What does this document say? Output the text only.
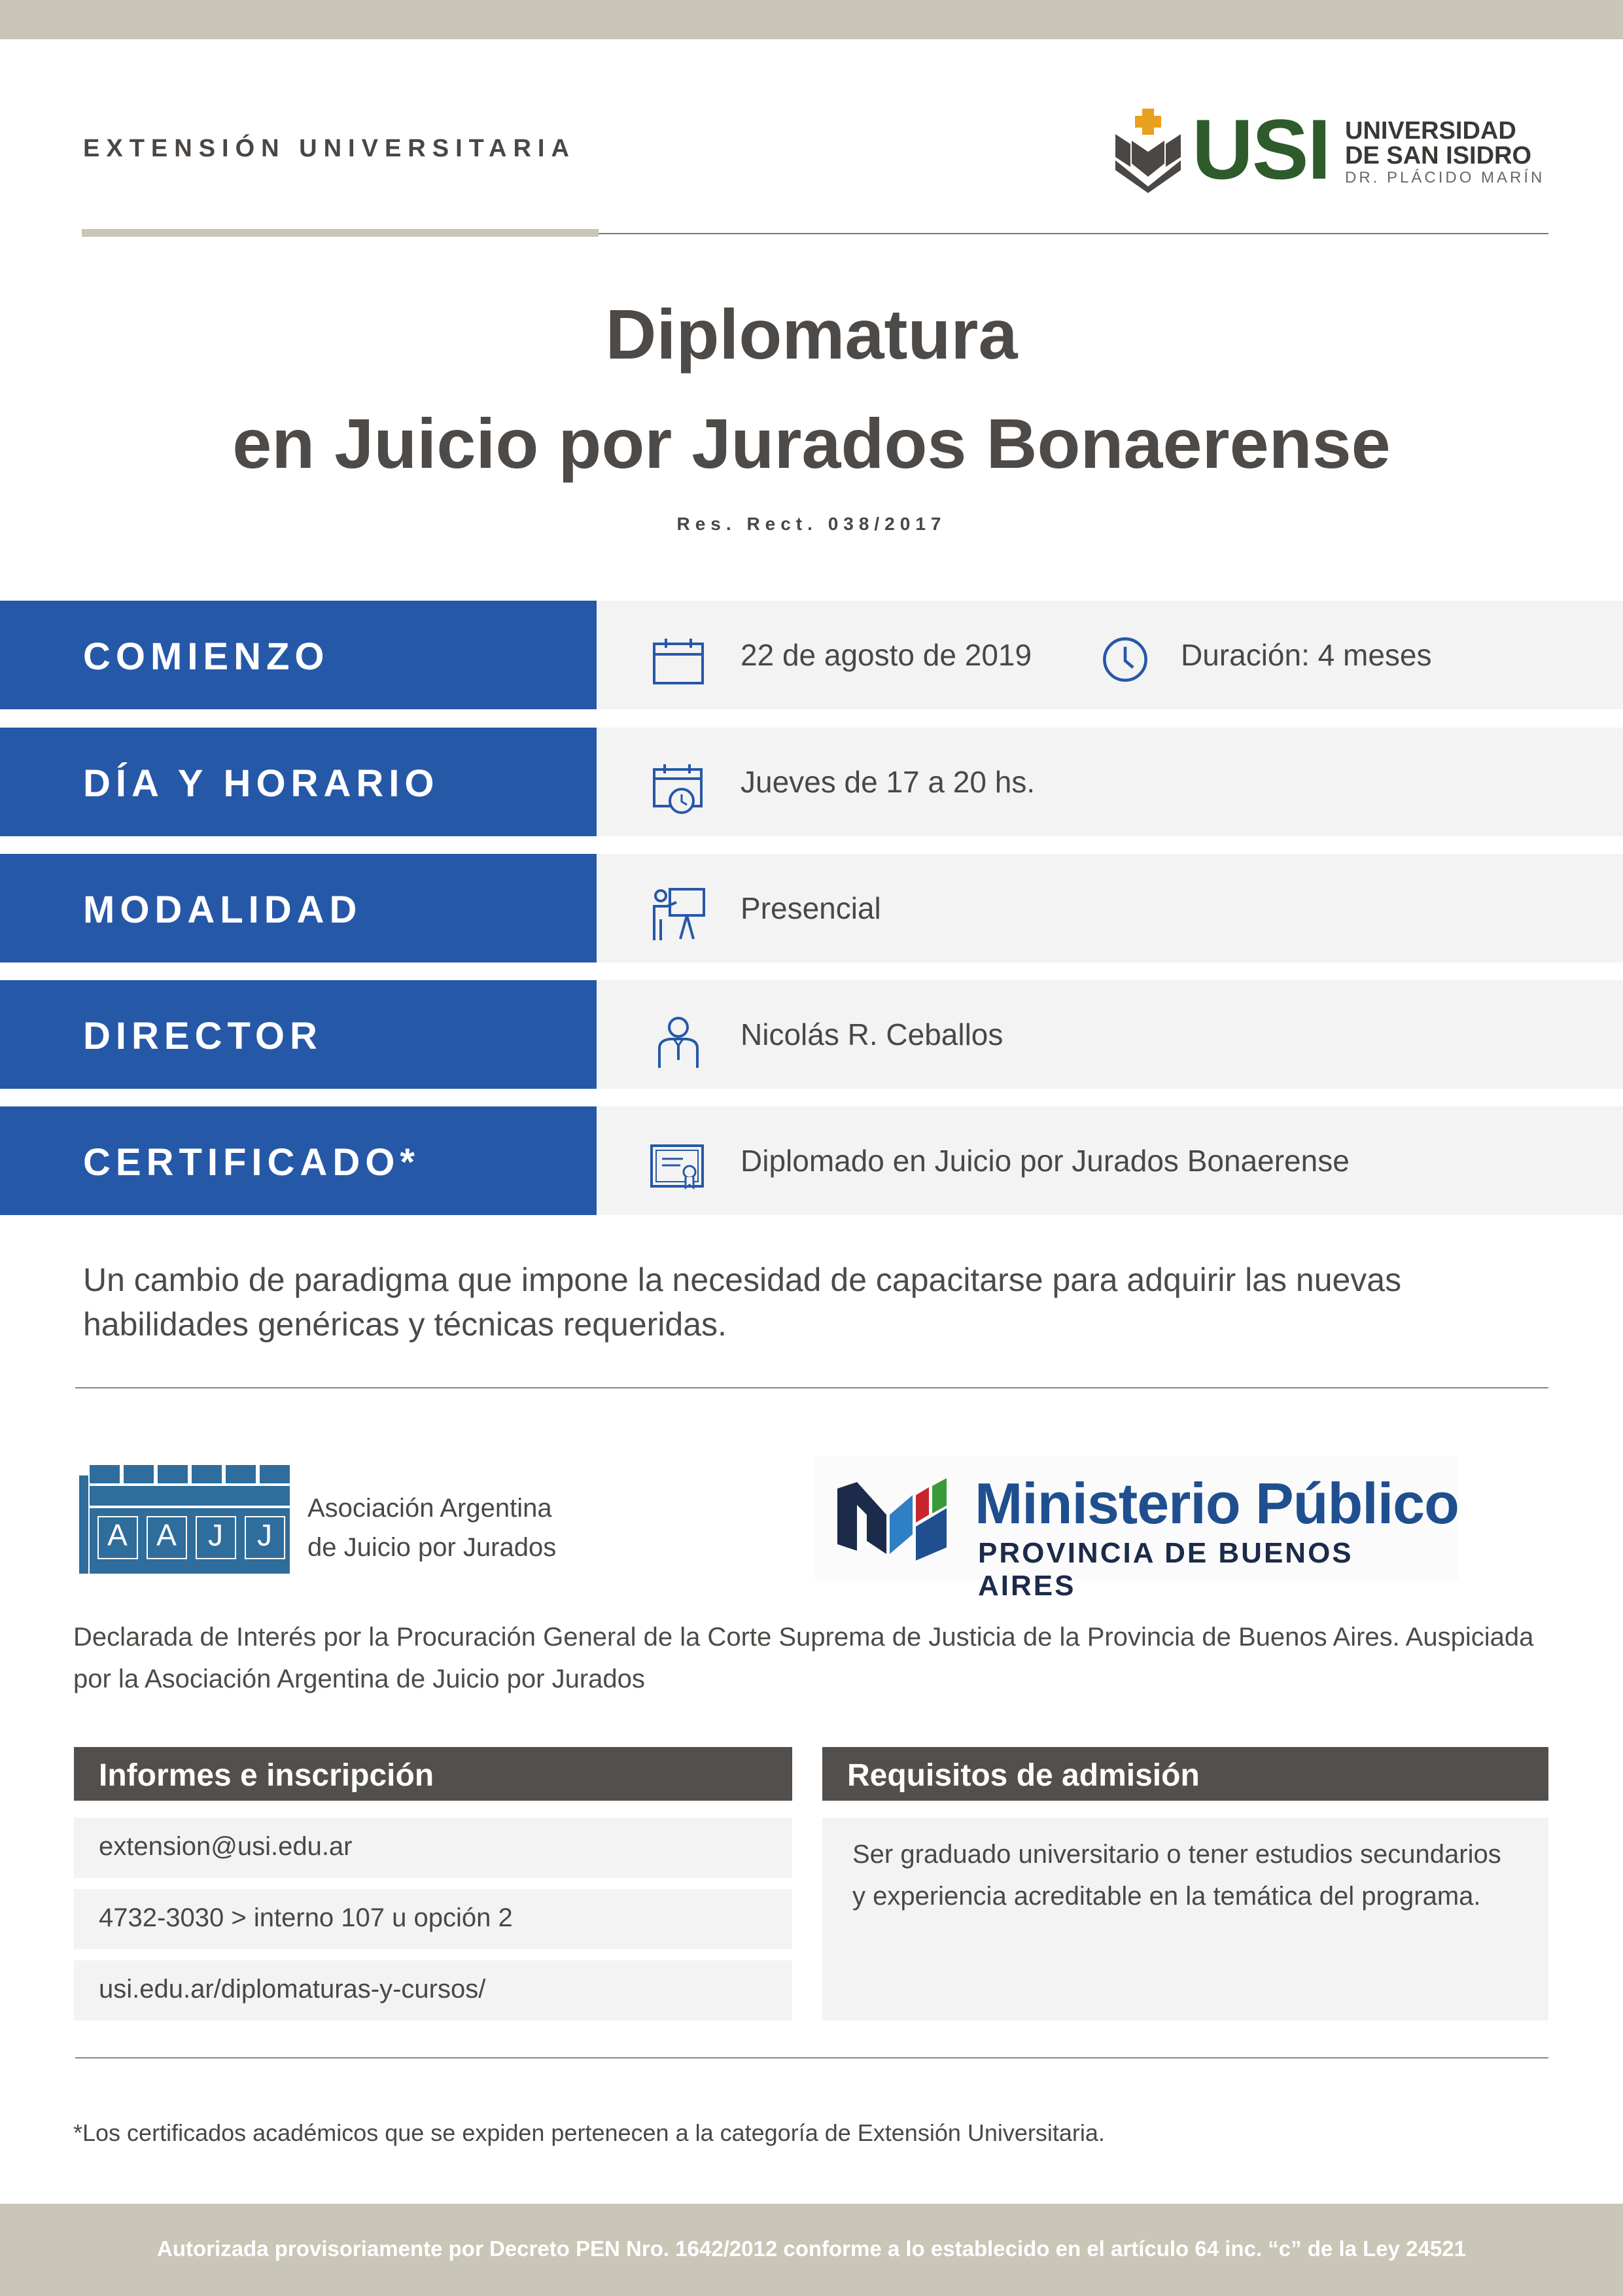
EXTENSIÓN UNIVERSITARIA	USI UNIVERSIDAD
DE SAN ISIDRO
DR. PLÁCIDO MARÍN
Diplomatura
en Juicio por Jurados Bonaerense
Res. Rect. 038/2017
COMIENZO	22 de agosto de 2019	Duración: 4 meses
DÍA Y HORARIO	Jueves de 17 a 20 hs.
MODALIDAD	Presencial
DIRECTOR	Nicolás R. Ceballos
CERTIFICADO*	Diplomado en Juicio por Jurados Bonaerense
Un cambio de paradigma que impone la necesidad de capacitarse para adquirir las nuevas habilidades genéricas y técnicas requeridas.
A A	J	J
Asociación Argentina
de Juicio por Jurados
Ministerio Público
PROVINCIA DE BUENOS AIRES
Declarada de Interés por la Procuración General de la Corte Suprema de Justicia de la Provincia de Buenos Aires. Auspiciada por la Asociación Argentina de Juicio por Jurados
Informes e inscripción
extension@usi.edu.ar
4732-3030 > interno 107 u opción 2
usi.edu.ar/diplomaturas-y-cursos/
Requisitos de admisión
Ser graduado universitario o tener estudios secundarios y experiencia acreditable en la temática del programa.
*Los certificados académicos que se expiden pertenecen a la categoría de Extensión Universitaria.
Autorizada provisoriamente por Decreto PEN Nro. 1642/2012 conforme a lo establecido en el artículo 64 inc. “c” de la Ley 24521
